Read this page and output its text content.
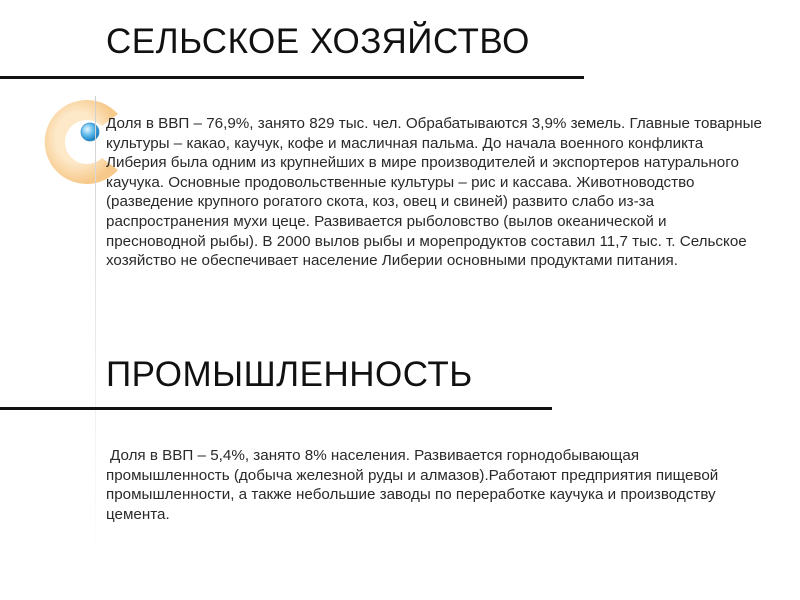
СЕЛЬСКОЕ ХОЗЯЙСТВО

Доля в ВВП – 76,9%, занято 829 тыс. чел. Обрабатываются 3,9% земель. Главные товарные культуры – какао, каучук, кофе и масличная пальма. До начала военного конфликта Либерия была одним из крупнейших в мире производителей и экспортеров натурального каучука. Основные продовольственные культуры – рис и кассава. Животноводство (разведение крупного рогатого скота, коз, овец и свиней) развито слабо из-за распространения мухи цеце. Развивается рыболовство (вылов океанической и пресноводной рыбы). В 2000 вылов рыбы и морепродуктов составил 11,7 тыс. т. Сельское хозяйство не обеспечивает население Либерии основными продуктами питания.

ПРОМЫШЛЕННОСТЬ

Доля в ВВП – 5,4%, занято 8% населения. Развивается горнодобывающая промышленность (добыча железной руды и алмазов).Работают предприятия пищевой промышленности, а также небольшие заводы по переработке каучука и производству цемента.
